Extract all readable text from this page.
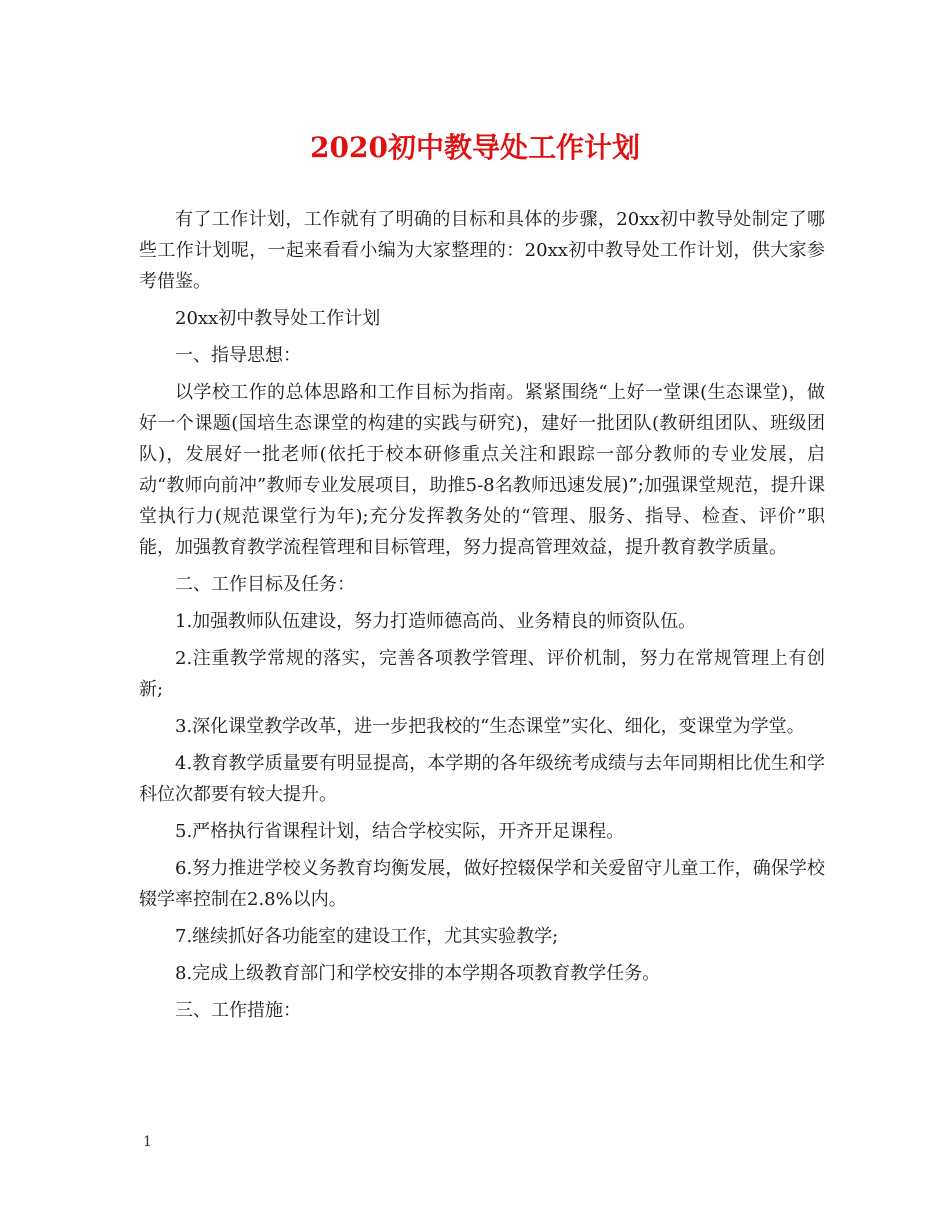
2020初中教导处工作计划

有了工作计划，工作就有了明确的目标和具体的步骤，20xx初中教导处制定了哪些工作计划呢，一起来看看小编为大家整理的：20xx初中教导处工作计划，供大家参考借鉴。

20xx初中教导处工作计划

一、指导思想：

以学校工作的总体思路和工作目标为指南。紧紧围绕“上好一堂课(生态课堂)，做好一个课题(国培生态课堂的构建的实践与研究)，建好一批团队(教研组团队、班级团队)，发展好一批老师(依托于校本研修重点关注和跟踪一部分教师的专业发展，启动“教师向前冲”教师专业发展项目，助推5-8名教师迅速发展)”;加强课堂规范，提升课堂执行力(规范课堂行为年);充分发挥教务处的“管理、服务、指导、检查、评价”职能，加强教育教学流程管理和目标管理，努力提高管理效益，提升教育教学质量。

二、工作目标及任务：

1.加强教师队伍建设，努力打造师德高尚、业务精良的师资队伍。

2.注重教学常规的落实，完善各项教学管理、评价机制，努力在常规管理上有创新;

3.深化课堂教学改革，进一步把我校的“生态课堂”实化、细化，变课堂为学堂。

4.教育教学质量要有明显提高，本学期的各年级统考成绩与去年同期相比优生和学科位次都要有较大提升。

5.严格执行省课程计划，结合学校实际，开齐开足课程。

6.努力推进学校义务教育均衡发展，做好控辍保学和关爱留守儿童工作，确保学校辍学率控制在2.8%以内。

7.继续抓好各功能室的建设工作，尤其实验教学;

8.完成上级教育部门和学校安排的本学期各项教育教学任务。

三、工作措施：

1
